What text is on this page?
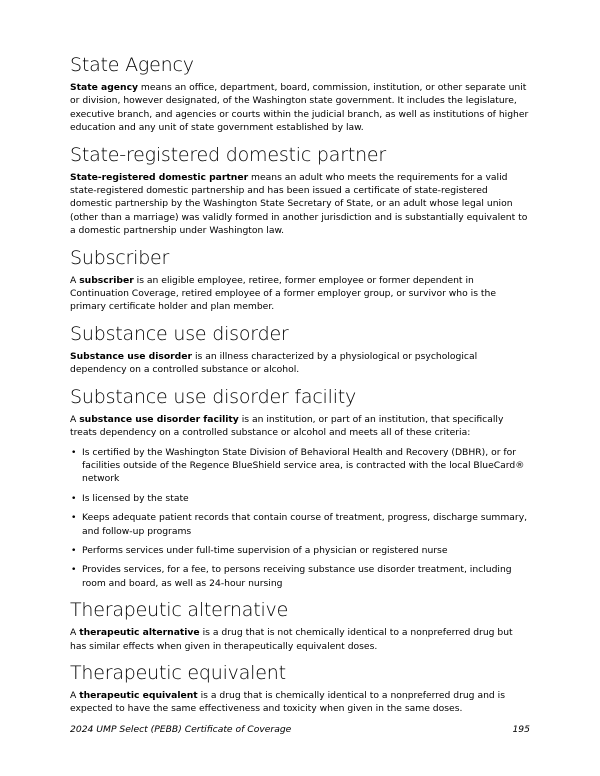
State Agency

State agency means an office, department, board, commission, institution, or other separate unit or division, however designated, of the Washington state government. It includes the legislature, executive branch, and agencies or courts within the judicial branch, as well as institutions of higher education and any unit of state government established by law.

State-registered domestic partner

State-registered domestic partner means an adult who meets the requirements for a valid state-registered domestic partnership and has been issued a certificate of state-registered domestic partnership by the Washington State Secretary of State, or an adult whose legal union (other than a marriage) was validly formed in another jurisdiction and is substantially equivalent to a domestic partnership under Washington law.

Subscriber

A subscriber is an eligible employee, retiree, former employee or former dependent in Continuation Coverage, retired employee of a former employer group, or survivor who is the primary certificate holder and plan member.

Substance use disorder

Substance use disorder is an illness characterized by a physiological or psychological dependency on a controlled substance or alcohol.

Substance use disorder facility

A substance use disorder facility is an institution, or part of an institution, that specifically treats dependency on a controlled substance or alcohol and meets all of these criteria:

• Is certified by the Washington State Division of Behavioral Health and Recovery (DBHR), or for facilities outside of the Regence BlueShield service area, is contracted with the local BlueCard® network
• Is licensed by the state
• Keeps adequate patient records that contain course of treatment, progress, discharge summary, and follow-up programs
• Performs services under full-time supervision of a physician or registered nurse
• Provides services, for a fee, to persons receiving substance use disorder treatment, including room and board, as well as 24-hour nursing
Therapeutic alternative

A therapeutic alternative is a drug that is not chemically identical to a nonpreferred drug but has similar effects when given in therapeutically equivalent doses.

Therapeutic equivalent

A therapeutic equivalent is a drug that is chemically identical to a nonpreferred drug and is expected to have the same effectiveness and toxicity when given in the same doses.

2024 UMP Select (PEBB) Certificate of Coverage	195
